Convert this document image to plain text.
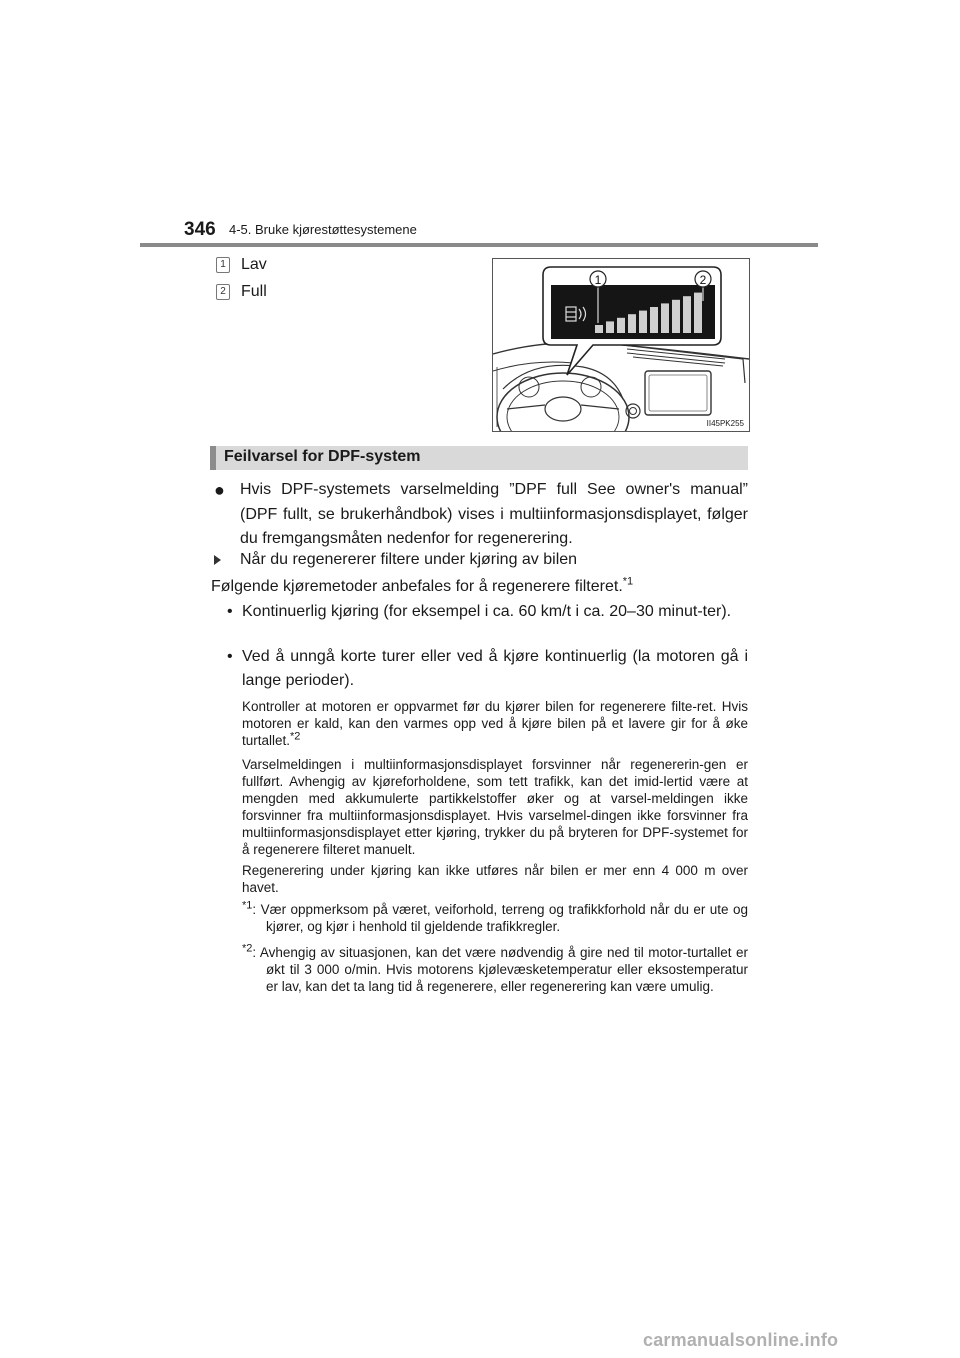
346 4-5. Bruke kjørestøttesystemene
1 Lav
2 Full
1	2
II45PK255
Feilvarsel for DPF-system
● Hvis DPF-systemets varselmelding ”DPF full See owner's manual” (DPF fullt, se brukerhåndbok) vises i multiinformasjonsdisplayet, følger du fremgangsmåten nedenfor for regenerering.
Når du regenererer filtere under kjøring av bilen
Følgende kjøremetoder anbefales for å regenerere filteret.$^{*1}$
• Kontinuerlig kjøring (for eksempel i ca. 60 km/t i ca. 20–30 minut-ter).
• Ved å unngå korte turer eller ved å kjøre kontinuerlig (la motoren gå i lange perioder).
Kontroller at motoren er oppvarmet før du kjører bilen for regenerere filte-ret. Hvis motoren er kald, kan den varmes opp ved å kjøre bilen på et lavere gir for å øke turtallet.$^{*2}$
Varselmeldingen i multiinformasjonsdisplayet forsvinner når regenererin-gen er fullført. Avhengig av kjøreforholdene, som tett trafikk, kan det imid-lertid være at mengden med akkumulerte partikkelstoffer øker og at varsel-meldingen ikke forsvinner fra multiinformasjonsdisplayet. Hvis varselmel-dingen ikke forsvinner fra multiinformasjonsdisplayet etter kjøring, trykker du på bryteren for DPF-systemet for å regenerere filteret manuelt.
Regenerering under kjøring kan ikke utføres når bilen er mer enn 4 000 m over havet.
$^{*1}$: Vær oppmerksom på været, veiforhold, terreng og trafikkforhold når du er ute og kjører, og kjør i henhold til gjeldende trafikkregler.
$^{*2}$: Avhengig av situasjonen, kan det være nødvendig å gire ned til motor-turtallet er økt til 3 000 o/min. Hvis motorens kjølevæsketemperatur eller eksostemperatur er lav, kan det ta lang tid å regenerere, eller regenerering kan være umulig.
carmanualsonline.info
